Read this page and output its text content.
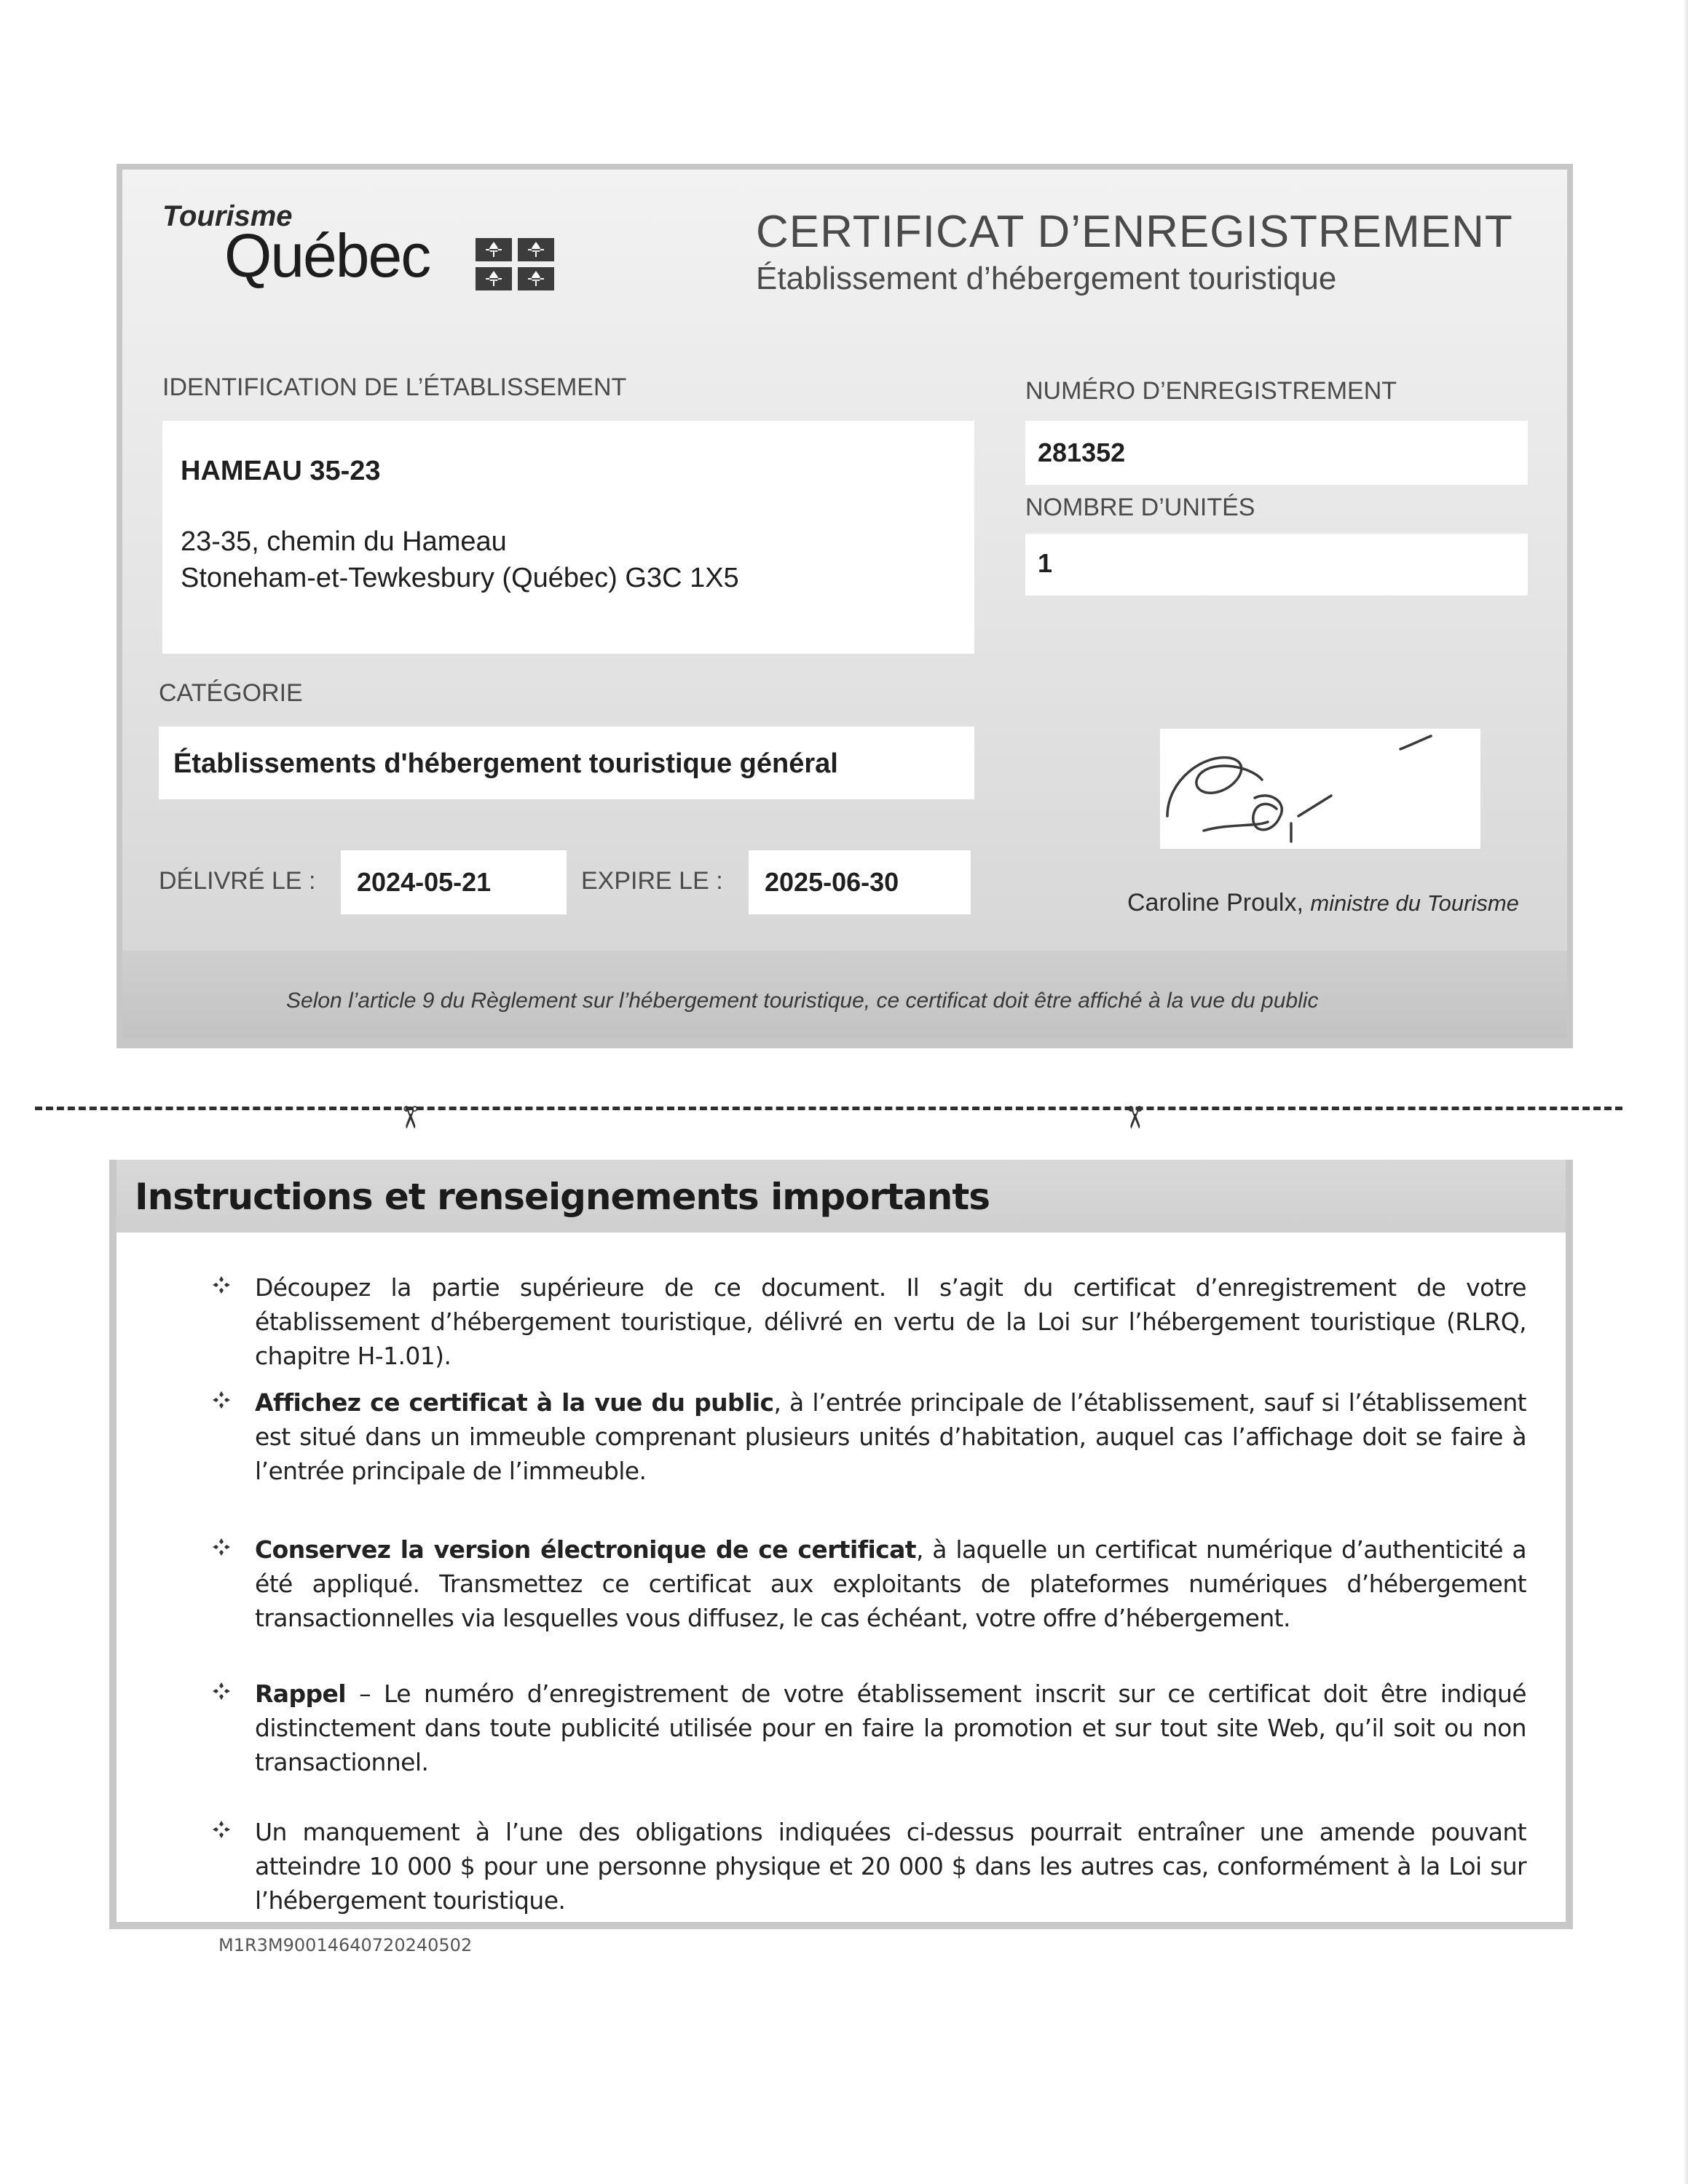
Tourisme
Québec	CERTIFICAT D’ENREGISTREMENT
Établissement d’hébergement touristique
IDENTIFICATION DE L’ÉTABLISSEMENT
HAMEAU 35-23
23-35, chemin du Hameau
Stoneham-et-Tewkesbury (Québec) G3C 1X5
NUMÉRO D’ENREGISTREMENT
281352
NOMBRE D’UNITÉS
1
CATÉGORIE
Établissements d'hébergement touristique général
DÉLIVRÉ LE : 2024-05-21	EXPIRE LE : 2025-06-30
Caroline Proulx, ministre du Tourisme
Selon l’article 9 du Règlement sur l’hébergement touristique, ce certificat doit être affiché à la vue du public
✂	✂
Instructions et renseignements importants
Découpez la partie supérieure de ce document. Il s’agit du certificat d’enregistrement de votre établissement d’hébergement touristique, délivré en vertu de la Loi sur l’hébergement touristique (RLRQ, chapitre H-1.01).
Affichez ce certificat à la vue du public, à l’entrée principale de l’établissement, sauf si l’établissement est situé dans un immeuble comprenant plusieurs unités d’habitation, auquel cas l’affichage doit se faire à l’entrée principale de l’immeuble.
Conservez la version électronique de ce certificat, à laquelle un certificat numérique d’authenticité a été appliqué. Transmettez ce certificat aux exploitants de plateformes numériques d’hébergement transactionnelles via lesquelles vous diffusez, le cas échéant, votre offre d’hébergement.
Rappel – Le numéro d’enregistrement de votre établissement inscrit sur ce certificat doit être indiqué distinctement dans toute publicité utilisée pour en faire la promotion et sur tout site Web, qu’il soit ou non transactionnel.
Un manquement à l’une des obligations indiquées ci-dessus pourrait entraîner une amende pouvant atteindre 10 000 $ pour une personne physique et 20 000 $ dans les autres cas, conformément à la Loi sur l’hébergement touristique.
M1R3M90014640720240502
